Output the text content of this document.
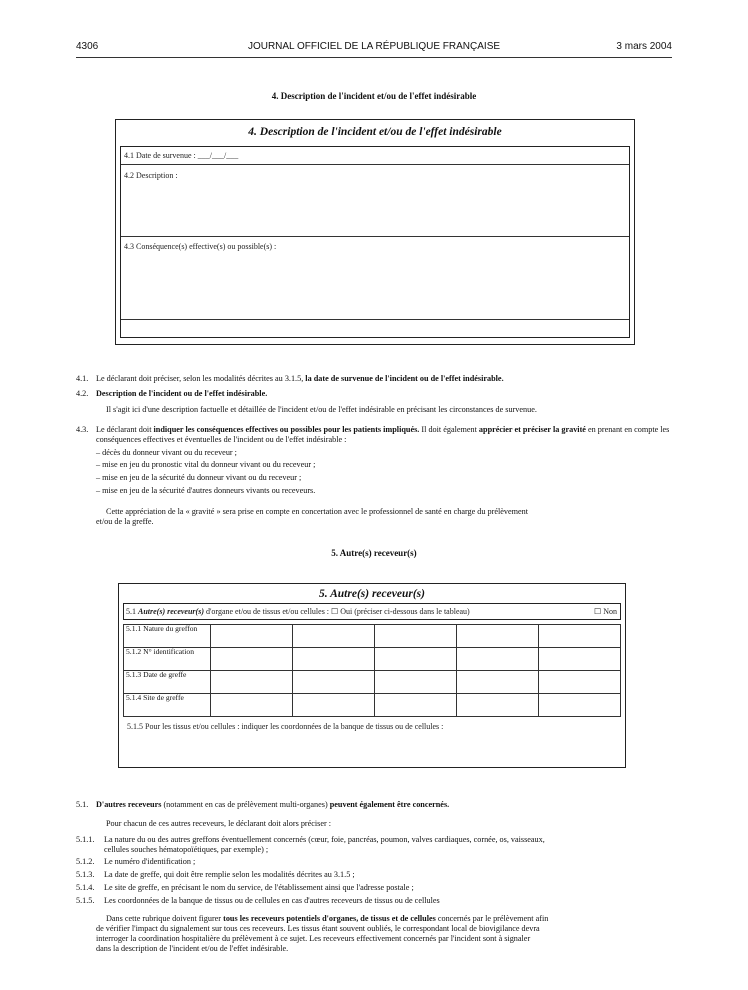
4306	JOURNAL OFFICIEL DE LA RÉPUBLIQUE FRANÇAISE	3 mars 2004
4. Description de l'incident et/ou de l'effet indésirable
4. Description de l'incident et/ou de l'effet indésirable
4.1 Date de survenue : ___/___/___
4.2 Description :
4.3 Conséquence(s) effective(s) ou possible(s) :
4.1. Le déclarant doit préciser, selon les modalités décrites au 3.1.5, la date de survenue de l'incident ou de l'effet indésirable.
4.2. Description de l'incident ou de l'effet indésirable.
Il s'agit ici d'une description factuelle et détaillée de l'incident et/ou de l'effet indésirable en précisant les circonstances de survenue.
4.3. Le déclarant doit indiquer les conséquences effectives ou possibles pour les patients impliqués. Il doit également apprécier et préciser la gravité en prenant en compte les conséquences effectives et éventuelles de l'incident ou de l'effet indésirable :
– décès du donneur vivant ou du receveur ;
– mise en jeu du pronostic vital du donneur vivant ou du receveur ;
– mise en jeu de la sécurité du donneur vivant ou du receveur ;
– mise en jeu de la sécurité d'autres donneurs vivants ou receveurs.
Cette appréciation de la « gravité » sera prise en compte en concertation avec le professionnel de santé en charge du prélèvement
et/ou de la greffe.
5. Autre(s) receveur(s)
5. Autre(s) receveur(s)
5.1 Autre(s) receveur(s) d'organe et/ou de tissus et/ou cellules : ☐ Oui (préciser ci-dessous dans le tableau)	☐ Non
5.1.1 Nature du greffon					
5.1.2 N° identification					
5.1.3 Date de greffe					
5.1.4 Site de greffe					
5.1.5 Pour les tissus et/ou cellules : indiquer les coordonnées de la banque de tissus ou de cellules :
5.1. D'autres receveurs (notamment en cas de prélèvement multi-organes) peuvent également être concernés.
Pour chacun de ces autres receveurs, le déclarant doit alors préciser :
5.1.1. La nature du ou des autres greffons éventuellement concernés (cœur, foie, pancréas, poumon, valves cardiaques, cornée, os, vaisseaux,
cellules souches hématopoïétiques, par exemple) ;
5.1.2. Le numéro d'identification ;
5.1.3. La date de greffe, qui doit être remplie selon les modalités décrites au 3.1.5 ;
5.1.4. Le site de greffe, en précisant le nom du service, de l'établissement ainsi que l'adresse postale ;
5.1.5. Les coordonnées de la banque de tissus ou de cellules en cas d'autres receveurs de tissus ou de cellules
Dans cette rubrique doivent figurer tous les receveurs potentiels d'organes, de tissus et de cellules concernés par le prélèvement afin
de vérifier l'impact du signalement sur tous ces receveurs. Les tissus étant souvent oubliés, le correspondant local de biovigilance devra
interroger la coordination hospitalière du prélèvement à ce sujet. Les receveurs effectivement concernés par l'incident sont à signaler
dans la description de l'incident et/ou de l'effet indésirable.
